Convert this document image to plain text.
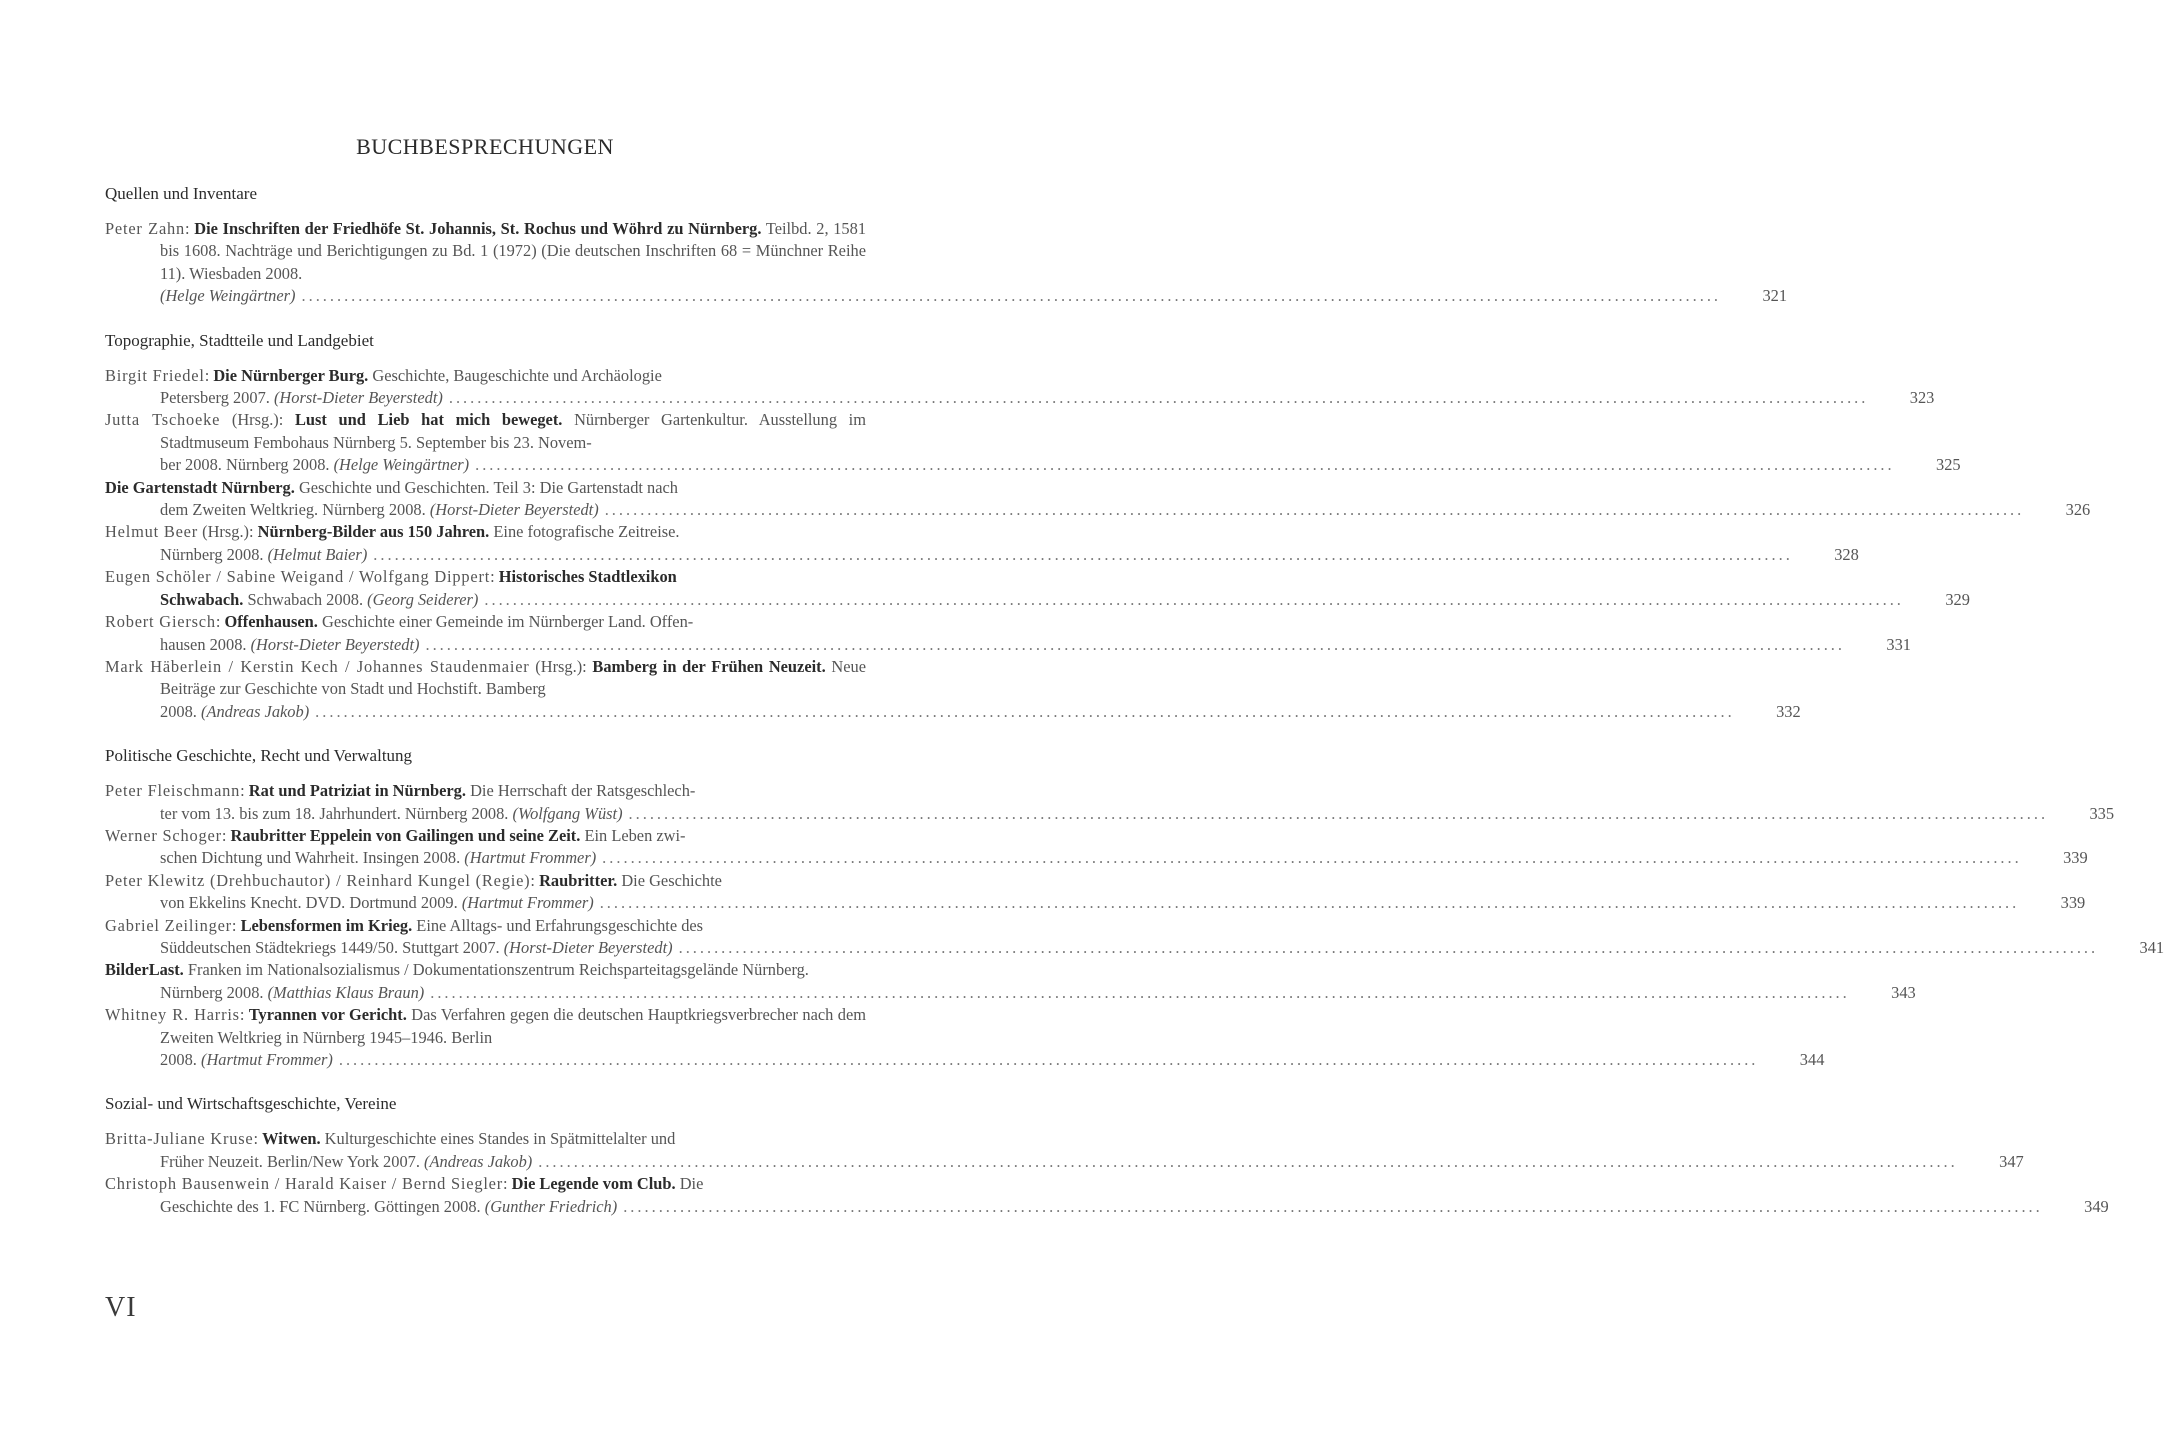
BUCHBESPRECHUNGEN
Quellen und Inventare
Peter Zahn: Die Inschriften der Friedhöfe St. Johannis, St. Rochus und Wöhrd zu Nürnberg. Teilbd. 2, 1581 bis 1608. Nachträge und Berichtigungen zu Bd. 1 (1972) (Die deutschen Inschriften 68 = Münchner Reihe 11). Wiesbaden 2008.
(Helge Weingärtner) ........................................................................................................................................................................................................	321
Topographie, Stadtteile und Landgebiet
Birgit Friedel: Die Nürnberger Burg. Geschichte, Baugeschichte und Archäologie
Petersberg 2007. (Horst-Dieter Beyerstedt) ........................................................................................................................................................................................................	323
Jutta Tschoeke (Hrsg.): Lust und Lieb hat mich beweget. Nürnberger Gartenkultur. Ausstellung im Stadtmuseum Fembohaus Nürnberg 5. September bis 23. Novem-
ber 2008. Nürnberg 2008. (Helge Weingärtner) ........................................................................................................................................................................................................	325
Die Gartenstadt Nürnberg. Geschichte und Geschichten. Teil 3: Die Gartenstadt nach
dem Zweiten Weltkrieg. Nürnberg 2008. (Horst-Dieter Beyerstedt) ........................................................................................................................................................................................................	326
Helmut Beer (Hrsg.): Nürnberg-Bilder aus 150 Jahren. Eine fotografische Zeitreise.
Nürnberg 2008. (Helmut Baier) ........................................................................................................................................................................................................	328
Eugen Schöler / Sabine Weigand / Wolfgang Dippert: Historisches Stadtlexikon
Schwabach. Schwabach 2008. (Georg Seiderer) ........................................................................................................................................................................................................	329
Robert Giersch: Offenhausen. Geschichte einer Gemeinde im Nürnberger Land. Offen-
hausen 2008. (Horst-Dieter Beyerstedt) ........................................................................................................................................................................................................	331
Mark Häberlein / Kerstin Kech / Johannes Staudenmaier (Hrsg.): Bamberg in der Frühen Neuzeit. Neue Beiträge zur Geschichte von Stadt und Hochstift. Bamberg
2008. (Andreas Jakob) ........................................................................................................................................................................................................	332
Politische Geschichte, Recht und Verwaltung
Peter Fleischmann: Rat und Patriziat in Nürnberg. Die Herrschaft der Ratsgeschlech-
ter vom 13. bis zum 18. Jahrhundert. Nürnberg 2008. (Wolfgang Wüst) ........................................................................................................................................................................................................	335
Werner Schoger: Raubritter Eppelein von Gailingen und seine Zeit. Ein Leben zwi-
schen Dichtung und Wahrheit. Insingen 2008. (Hartmut Frommer) ........................................................................................................................................................................................................	339
Peter Klewitz (Drehbuchautor) / Reinhard Kungel (Regie): Raubritter. Die Geschichte
von Ekkelins Knecht. DVD. Dortmund 2009. (Hartmut Frommer) ........................................................................................................................................................................................................	339
Gabriel Zeilinger: Lebensformen im Krieg. Eine Alltags- und Erfahrungsgeschichte des
Süddeutschen Städtekriegs 1449/50. Stuttgart 2007. (Horst-Dieter Beyerstedt) ........................................................................................................................................................................................................	341
BilderLast. Franken im Nationalsozialismus / Dokumentationszentrum Reichsparteitagsgelände Nürnberg.
Nürnberg 2008. (Matthias Klaus Braun) ........................................................................................................................................................................................................	343
Whitney R. Harris: Tyrannen vor Gericht. Das Verfahren gegen die deutschen Hauptkriegsverbrecher nach dem Zweiten Weltkrieg in Nürnberg 1945–1946. Berlin
2008. (Hartmut Frommer) ........................................................................................................................................................................................................	344
Sozial- und Wirtschaftsgeschichte, Vereine
Britta-Juliane Kruse: Witwen. Kulturgeschichte eines Standes in Spätmittelalter und
Früher Neuzeit. Berlin/New York 2007. (Andreas Jakob) ........................................................................................................................................................................................................	347
Christoph Bausenwein / Harald Kaiser / Bernd Siegler: Die Legende vom Club. Die
Geschichte des 1. FC Nürnberg. Göttingen 2008. (Gunther Friedrich) ........................................................................................................................................................................................................	349
VI
